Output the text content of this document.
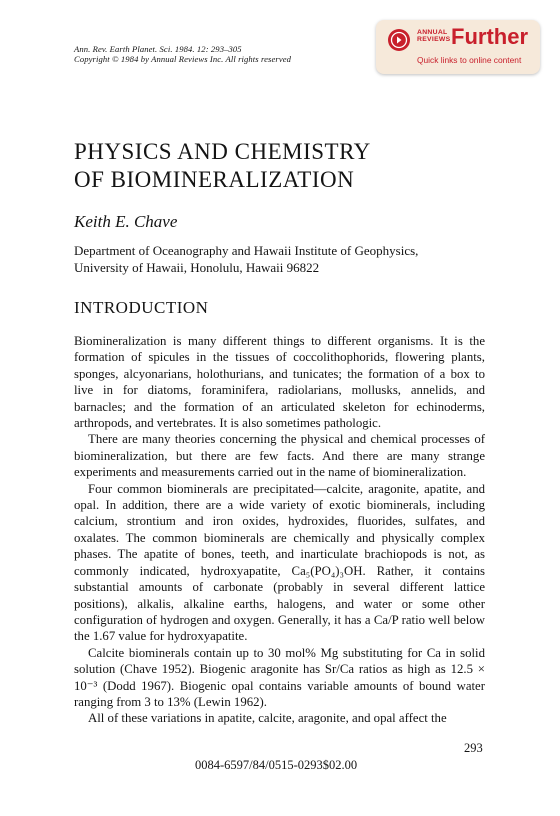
Ann. Rev. Earth Planet. Sci. 1984. 12: 293–305
Copyright © 1984 by Annual Reviews Inc. All rights reserved
ANNUAL
REVIEWS Further
Quick links to online content
PHYSICS AND CHEMISTRY
OF BIOMINERALIZATION
Keith E. Chave
Department of Oceanography and Hawaii Institute of Geophysics,
University of Hawaii, Honolulu, Hawaii 96822
INTRODUCTION

Biomineralization is many different things to different organisms. It is the formation of spicules in the tissues of coccolithophorids, flowering plants, sponges, alcyonarians, holothurians, and tunicates; the formation of a box to live in for diatoms, foraminifera, radiolarians, mollusks, annelids, and barnacles; and the formation of an articulated skeleton for echinoderms, arthropods, and vertebrates. It is also sometimes pathologic.

There are many theories concerning the physical and chemical processes of biomineralization, but there are few facts. And there are many strange experiments and measurements carried out in the name of biomineralization.

Four common biominerals are precipitated—calcite, aragonite, apatite, and opal. In addition, there are a wide variety of exotic biominerals, including calcium, strontium and iron oxides, hydroxides, fluorides, sulfates, and oxalates. The common biominerals are chemically and physically complex phases. The apatite of bones, teeth, and inarticulate brachiopods is not, as commonly indicated, hydroxyapatite, Ca₅(PO₄)₃OH. Rather, it contains substantial amounts of carbonate (probably in several different lattice positions), alkalis, alkaline earths, halogens, and water or some other configuration of hydrogen and oxygen. Generally, it has a Ca/P ratio well below the 1.67 value for hydroxyapatite.

Calcite biominerals contain up to 30 mol% Mg substituting for Ca in solid solution (Chave 1952). Biogenic aragonite has Sr/Ca ratios as high as 12.5 × 10⁻³ (Dodd 1967). Biogenic opal contains variable amounts of bound water ranging from 3 to 13% (Lewin 1962).

All of these variations in apatite, calcite, aragonite, and opal affect the

293
0084-6597/84/0515-0293$02.00
